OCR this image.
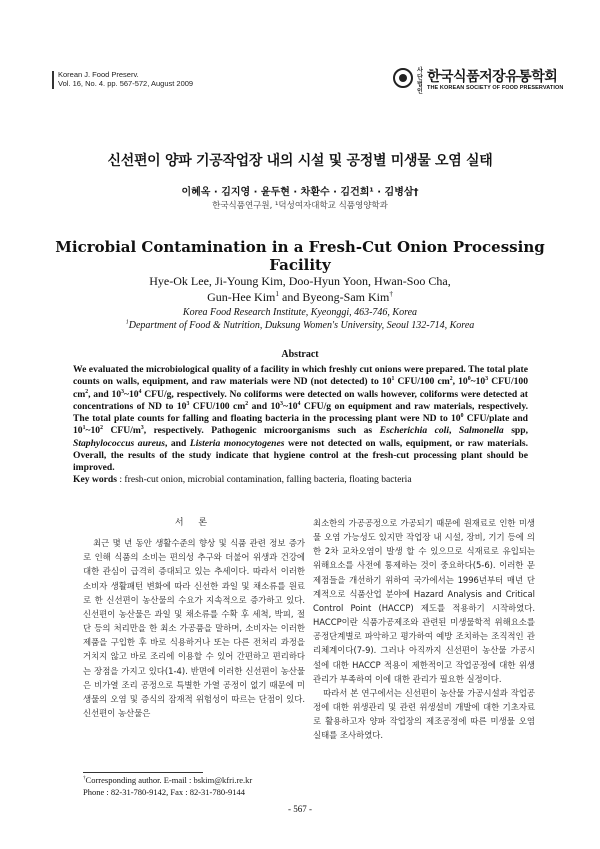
Korean J. Food Preserv.
Vol. 16, No. 4. pp. 567-572, August 2009
사단법인
한국식품저장유통학회
THE KOREAN SOCIETY OF FOOD PRESERVATION
신선편이 양파 기공작업장 내의 시설 및 공정별 미생물 오염 실태
이혜옥 · 김지영 · 윤두현 · 차환수 · 김건희¹ · 김병삼†
한국식품연구원, ¹덕성여자대학교 식품영양학과
Microbial Contamination in a Fresh-Cut Onion Processing Facility
Hye-Ok Lee, Ji-Young Kim, Doo-Hyun Yoon, Hwan-Soo Cha,
Gun-Hee Kim$^1$ and Byeong-Sam Kim†
Korea Food Research Institute, Kyeonggi, 463-746, Korea
$^1$Department of Food & Nutrition, Duksung Women's University, Seoul 132-714, Korea
Abstract
We evaluated the microbiological quality of a facility in which freshly cut onions were prepared. The total plate counts on walls, equipment, and raw materials were ND (not detected) to $10^1$ CFU/100 $cm^2$, $10^0\sim 10^3$ CFU/100 $cm^2$, and $10^3\sim 10^4$ CFU/g, respectively. No coliforms were detected on walls however, coliforms were detected at concentrations of ND to $10^3$ CFU/100 $cm^2$ and $10^3\sim 10^4$ CFU/g on equipment and raw materials, respectively. The total plate counts for falling and floating bacteria in the processing plant were ND to $10^0$ CFU/plate and $10^1\sim 10^2$ CFU/$m^3$, respectively. Pathogenic microorganisms such as Escherichia coli, Salmonella spp, Staphylococcus aureus, and Listeria monocytogenes were not detected on walls, equipment, or raw materials. Overall, the results of the study indicate that hygiene control at the fresh-cut processing plant should be improved.
Key words : fresh-cut onion, microbial contamination, falling bacteria, floating bacteria
서 론

최근 몇 년 동안 생활수준의 향상 및 식품 관련 정보 증가로 인해 식품의 소비는 편의성 추구와 더불어 위생과 건강에 대한 관심이 급격히 증대되고 있는 추세이다. 따라서 이러한 소비자 생활패턴 변화에 따라 신선한 과일 및 채소류를 원료로 한 신선편이 농산물의 수요가 지속적으로 증가하고 있다. 신선편이 농산물은 과일 및 채소류를 수확 후 세척, 박피, 절단 등의 처리만을 한 최소 가공품을 말하며, 소비자는 이러한 제품을 구입한 후 바로 식용하거나 또는 다른 전처리 과정을 거치지 않고 바로 조리에 이용할 수 있어 간편하고 편리하다는 장점을 가지고 있다(1-4). 반면에 이러한 신선편이 농산물은 비가열 조리 공정으로 특별한 가열 공정이 없기 때문에 미생물의 오염 및 증식의 잠재적 위험성이 따르는 단점이 있다. 신선편이 농산물은

최소한의 가공공정으로 가공되기 때문에 원재료로 인한 미생물 오염 가능성도 있지만 작업장 내 시설, 장비, 기기 등에 의한 2차 교차오염이 발생 할 수 있으므로 식재료로 유입되는 위해요소를 사전에 통제하는 것이 중요하다(5-6). 이러한 문제점들을 개선하기 위하여 국가에서는 1996년부터 매년 단계적으로 식품산업 분야에 Hazard Analysis and Critical Control Point (HACCP) 제도를 적용하기 시작하였다. HACCP이란 식품가공제조와 관련된 미생물학적 위해요소를 공정단계별로 파악하고 평가하여 예방 조치하는 조직적인 관리체계이다(7-9). 그러나 아직까지 신선편이 농산물 가공시설에 대한 HACCP 적용이 제한적이고 작업공정에 대한 위생관리가 부족하여 이에 대한 관리가 필요한 실정이다.

따라서 본 연구에서는 신선편이 농산물 가공시설과 작업공정에 대한 위생관리 및 관련 위생설비 개발에 대한 기초자료로 활용하고자 양파 작업장의 제조공정에 따른 미생물 오염 실태를 조사하였다.

†Corresponding author. E-mail : bskim@kfri.re.kr
Phone : 82-31-780-9142, Fax : 82-31-780-9144
- 567 -
